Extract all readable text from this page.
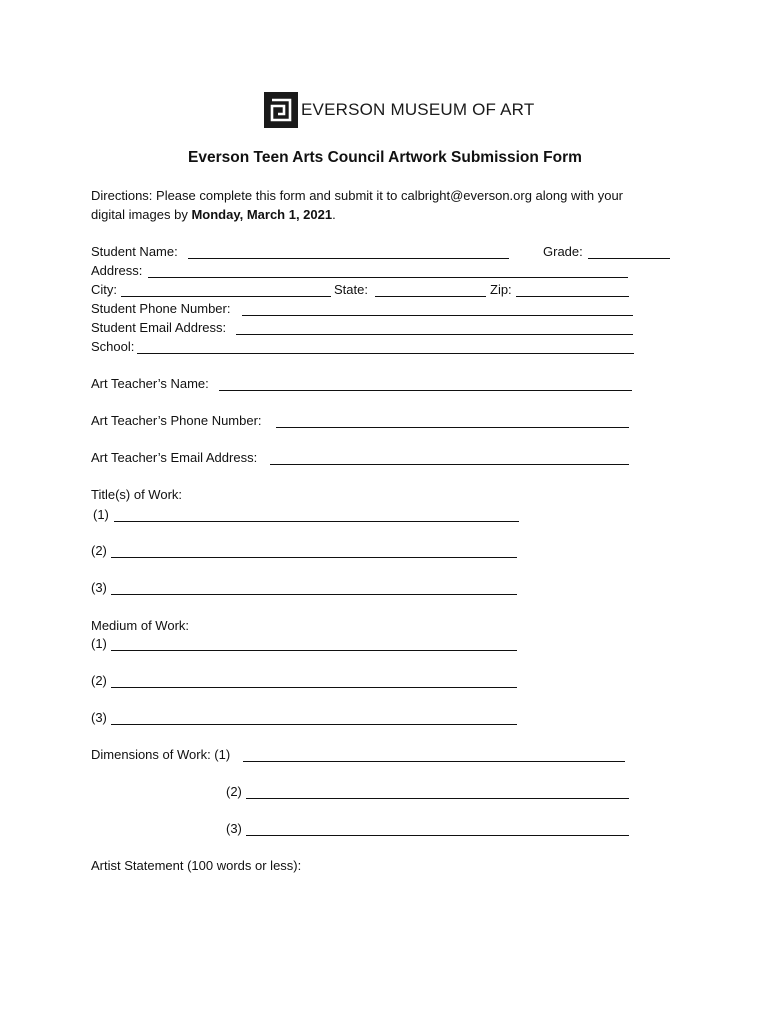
EVERSON MUSEUM OF ART
Everson Teen Arts Council Artwork Submission Form
Directions: Please complete this form and submit it to calbright@everson.org along with your
digital images by Monday, March 1, 2021.
Student Name:	Grade:
Address:
City:	State:	Zip:
Student Phone Number:
Student Email Address:
School:
Art Teacher’s Name:
Art Teacher’s Phone Number:
Art Teacher’s Email Address:
Title(s) of Work:
(1)
(2)
(3)
Medium of Work:
(1)
(2)
(3)
Dimensions of Work: (1)
(2)
(3)
Artist Statement (100 words or less):
